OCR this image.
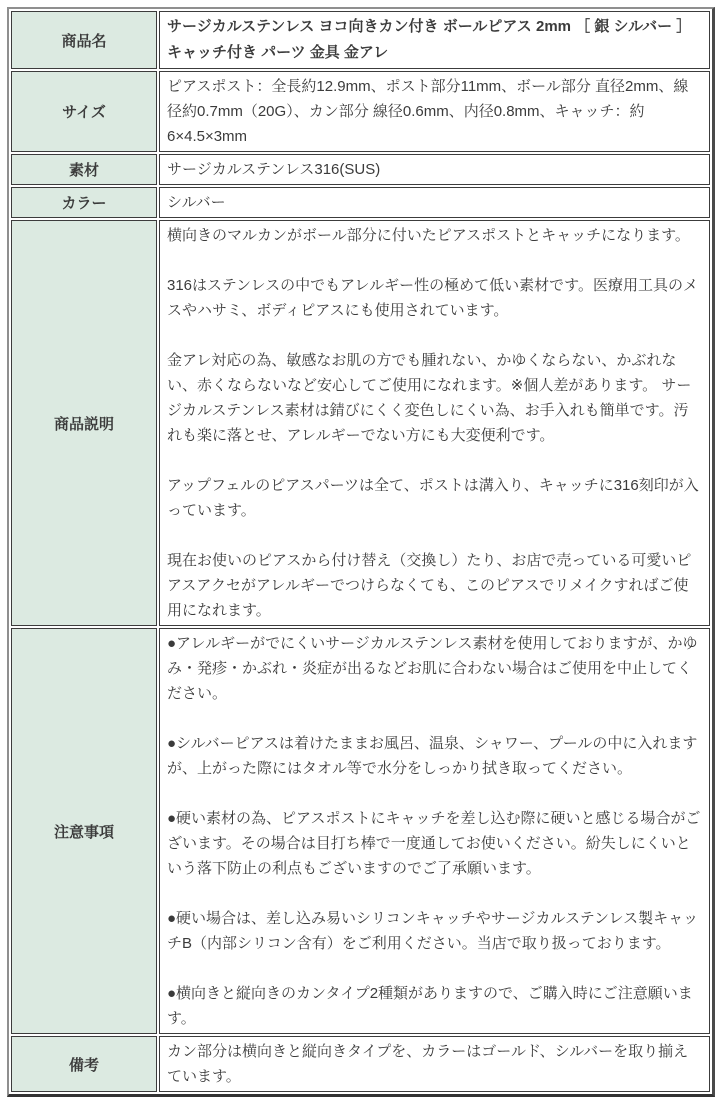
商品名	サージカルステンレス ヨコ向きカン付き ボールピアス 2mm ［ 銀 シルバー ］ キャッチ付き パーツ 金具 金アレ

サイズ	ピアスポスト：全長約12.9mm、ポスト部分11mm、ボール部分 直径2mm、線径約0.7mm（20G）、カン部分 線径0.6mm、内径0.8mm、キャッチ：約6×4.5×3mm

素材	サージカルステンレス316(SUS)

カラー	シルバー

商品説明	横向きのマルカンがボール部分に付いたピアスポストとキャッチになります。

316はステンレスの中でもアレルギー性の極めて低い素材です。医療用工具のメスやハサミ、ボディピアスにも使用されています。

金アレ対応の為、敏感なお肌の方でも腫れない、かゆくならない、かぶれない、赤くならないなど安心してご使用になれます。※個人差があります。 サージカルステンレス素材は錆びにくく変色しにくい為、お手入れも簡単です。汚れも楽に落とせ、アレルギーでない方にも大変便利です。

アップフェルのピアスパーツは全て、ポストは溝入り、キャッチに316刻印が入っています。

現在お使いのピアスから付け替え（交換し）たり、お店で売っている可愛いピアスアクセがアレルギーでつけらなくても、このピアスでリメイクすればご使用になれます。

注意事項	●アレルギーがでにくいサージカルステンレス素材を使用しておりますが、かゆみ・発疹・かぶれ・炎症が出るなどお肌に合わない場合はご使用を中止してください。

●シルバーピアスは着けたままお風呂、温泉、シャワー、プールの中に入れますが、上がった際にはタオル等で水分をしっかり拭き取ってください。

●硬い素材の為、ピアスポストにキャッチを差し込む際に硬いと感じる場合がございます。その場合は目打ち棒で一度通してお使いください。紛失しにくいという落下防止の利点もございますのでご了承願います。

●硬い場合は、差し込み易いシリコンキャッチやサージカルステンレス製キャッチB（内部シリコン含有）をご利用ください。当店で取り扱っております。

●横向きと縦向きのカンタイプ2種類がありますので、ご購入時にご注意願います。

備考	カン部分は横向きと縦向きタイプを、カラーはゴールド、シルバーを取り揃えています。
